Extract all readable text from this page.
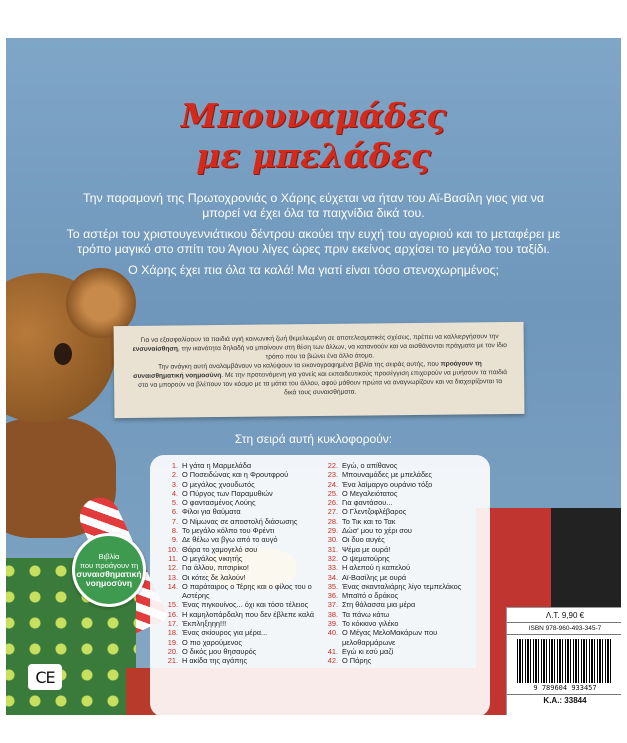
Μπουναμάδες
με μπελάδες

Την παραμονή της Πρωτοχρονιάς ο Χάρης εύχεται να ήταν του Αϊ-Βασίλη γιος για να μπορεί να έχει όλα τα παιχνίδια δικά του.

Το αστέρι του χριστουγεννιάτικου δέντρου ακούει την ευχή του αγοριού και το μεταφέρει με τρόπο μαγικό στο σπίτι του Άγιου λίγες ώρες πριν εκείνος αρχίσει το μεγάλο του ταξίδι.

Ο Χάρης έχει πια όλα τα καλά! Μα γιατί είναι τόσο στενοχωρημένος;

Για να εξασφαλίσουν τα παιδιά υγιή κοινωνική ζωή θεμελιωμένη σε αποτελεσματικές σχέσεις, πρέπει να καλλιεργήσουν την ενσυναίσθηση, την ικανότητα δηλαδή να μπαίνουν στη θέση των άλλων, να κατανοούν και να αισθάνονται πράγματα με τον ίδιο τρόπο που τα βιώνει ένα άλλο άτομο.

Την ανάγκη αυτή αναλαμβάνουν να καλύψουν τα εικονογραφημένα βιβλία της σειράς αυτής, που προάγουν τη συναισθηματική νοημοσύνη. Με την προτεινόμενη για γονείς και εκπαιδευτικούς προσέγγιση επιχειρούν να μυήσουν τα παιδιά στο να μπορούν να βλέπουν τον κόσμο με τα μάτια του άλλου, αφού μάθουν πρώτα να αναγνωρίζουν και να διαχειρίζονται τα δικά τους συναισθήματα.

Στη σειρά αυτή κυκλοφορούν:
1. Η γάτα η Μαρμελάδα
2. Ο Ποσειδώνας και η Φρουτφρού
3. Ο μεγάλος χνουδωτός
4. Ο Πύργος των Παραμυθιών
5. Ο φαντασμένος Λούης
6. Φίλοι για θαύματα
7. Ο Νίμωνας σε αποστολή διάσωσης
8. Το μεγάλο κόλπο του Φρέντι
9. Δε θέλω να βγω από το αυγό
10. Θάρα το χαμογελό σου
11. Ο μεγάλος νικητής
12. Για άλλου, πιτσιρίκο!
13. Οι κότες δε λαλούν!
14. Ο παράταιρος ο Τέρης και ο φίλος του ο Αστέρης
15. Ένας πιγκουίνος... όχι και τόσο τέλειος
16. Η καμηλοπάρδαλη που δεν έβλεπε καλά
17. Έκπληξηηη!!!
18. Ένας σκίουρος για μέρα...
19. Ο πιο χαρούμενος
20. Ο δικός μου θησαυρός
21. Η ακίδα της αγάπης
22. Εγώ, ο απίθανος
23. Μπουναμάδες με μπελάδες
24. Ένα λαίμαργο ουράνιο τόξο
25. Ο Μεγαλειότατος
26. Για φαντάσου...
27. Ο Γλεντζοφλέβαρος
28. Το Τικ και το Τακ
29. Δώσ' μου το χέρι σου
30. Οι δυο αυγές
31. Ψέμα με ουρά!
32. Ο ψεματούρης
33. Η αλεπού η καπελού
34. Αϊ-Βασίλης με ουρά
35. Ένας σκανταλιάρης λίγο τεμπελάκος
36. Μπαϊτό ο δράκος
37. Στη θάλασσα μια μέρα
38. Τα πάνω κάτω
39. Το κόκκινο γιλέκο
40. Ο Μέγας ΜελοΜακάρων που μελοθαρμάρωνε
41. Εγώ κι εσύ μαζί
42. Ο Πάρης
Βιβλία
που προάγουν τη
συναισθηματική
νοημοσύνη
CE
Λ.Τ. 9,90 €
ISBN 978-960-493-345-7
9 789604 933457
Κ.Α.: 33844
